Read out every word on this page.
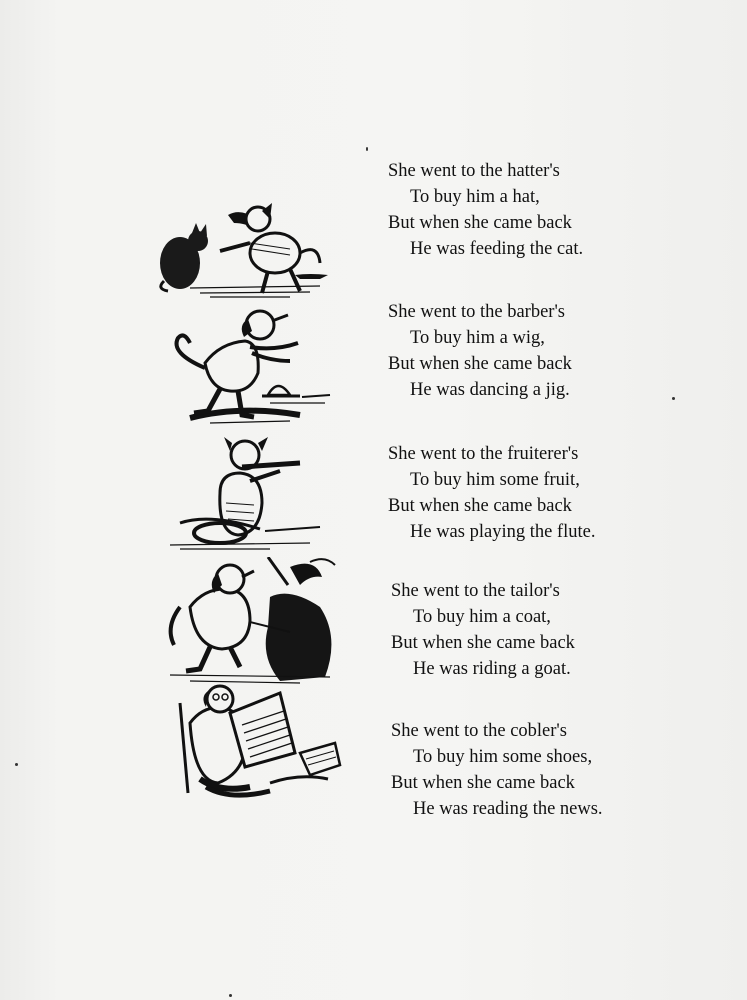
She went to the hatter's
To buy him a hat,
But when she came back
He was feeding the cat.
She went to the barber's
To buy him a wig,
But when she came back
He was dancing a jig.
She went to the fruiterer's
To buy him some fruit,
But when she came back
He was playing the flute.
She went to the tailor's
To buy him a coat,
But when she came back
He was riding a goat.
She went to the cobler's
To buy him some shoes,
But when she came back
He was reading the news.
